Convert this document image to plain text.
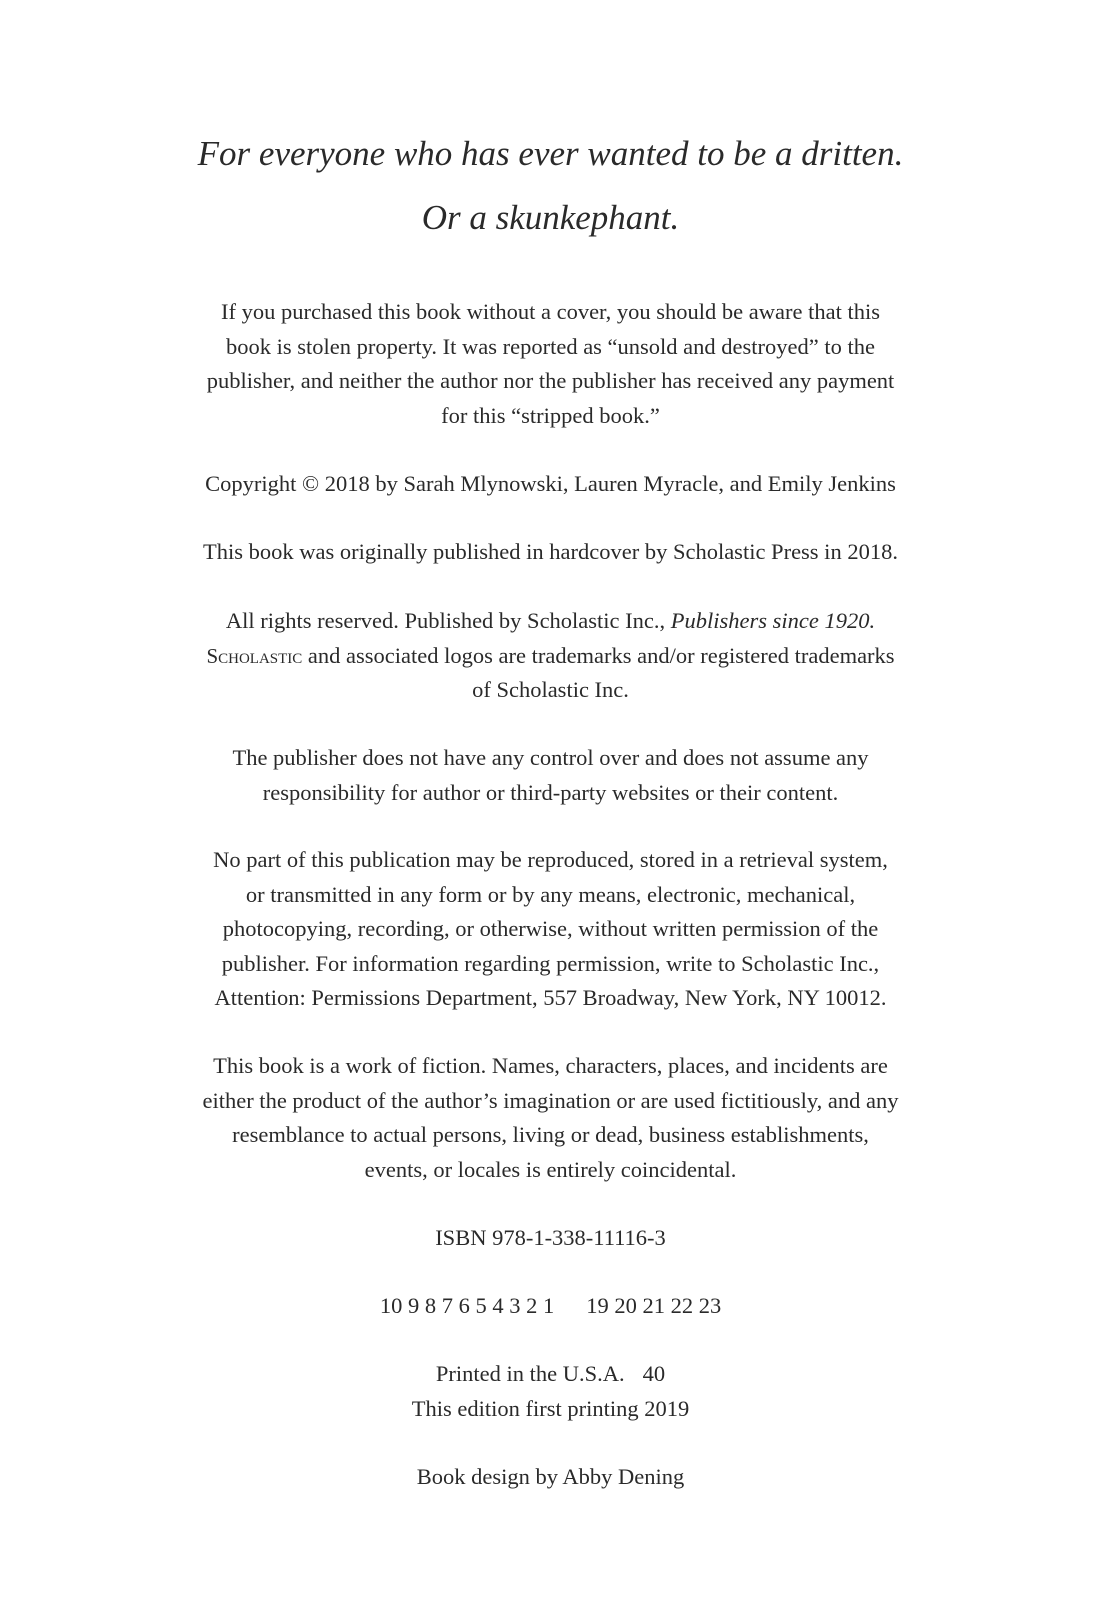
For everyone who has ever wanted to be a dritten.
Or a skunkephant.
If you purchased this book without a cover, you should be aware that this
book is stolen property. It was reported as “unsold and destroyed” to the
publisher, and neither the author nor the publisher has received any payment
for this “stripped book.”
Copyright © 2018 by Sarah Mlynowski, Lauren Myracle, and Emily Jenkins
This book was originally published in hardcover by Scholastic Press in 2018.
All rights reserved. Published by Scholastic Inc., Publishers since 1920.
Scholastic and associated logos are trademarks and/or registered trademarks
of Scholastic Inc.
The publisher does not have any control over and does not assume any
responsibility for author or third-party websites or their content.
No part of this publication may be reproduced, stored in a retrieval system,
or transmitted in any form or by any means, electronic, mechanical,
photocopying, recording, or otherwise, without written permission of the
publisher. For information regarding permission, write to Scholastic Inc.,
Attention: Permissions Department, 557 Broadway, New York, NY 10012.
This book is a work of fiction. Names, characters, places, and incidents are
either the product of the author’s imagination or are used fictitiously, and any
resemblance to actual persons, living or dead, business establishments,
events, or locales is entirely coincidental.
ISBN 978-1-338-11116-3
10 9 8 7 6 5 4 3 2 1 19 20 21 22 23
Printed in the U.S.A. 40
This edition first printing 2019
Book design by Abby Dening
